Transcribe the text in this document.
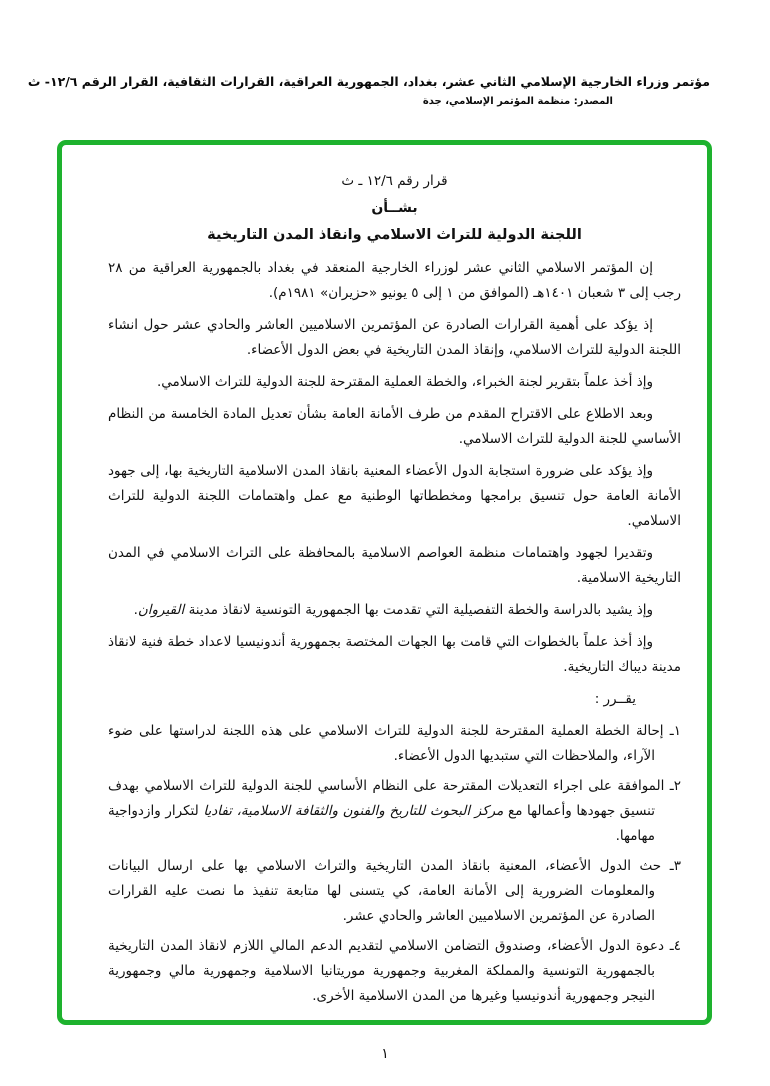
مؤتمر وزراء الخارجية الإسلامي الثاني عشر، بغداد، الجمهورية العراقية، القرارات الثقافية، القرار الرقم ١٢/٦- ث
المصدر: منظمة المؤتمر الإسلامي، جدة
قرار رقم ١٢/٦ ـ ث
بشــأن
اللجنة الدولية للتراث الاسلامي وانقاذ المدن التاريخية

إن المؤتمر الاسلامي الثاني عشر لوزراء الخارجية المنعقد في بغداد بالجمهورية العراقية من ٢٨ رجب إلى ٣ شعبان ١٤٠١هـ (الموافق من ١ إلى ٥ يونيو «حزيران» ١٩٨١م).

إذ يؤكد على أهمية القرارات الصادرة عن المؤتمرين الاسلاميين العاشر والحادي عشر حول انشاء اللجنة الدولية للتراث الاسلامي، وإنقاذ المدن التاريخية في بعض الدول الأعضاء.

وإذ أخذ علماً بتقرير لجنة الخبراء، والخطة العملية المقترحة للجنة الدولية للتراث الاسلامي.

وبعد الاطلاع على الاقتراح المقدم من طرف الأمانة العامة بشأن تعديل المادة الخامسة من النظام الأساسي للجنة الدولية للتراث الاسلامي.

وإذ يؤكد على ضرورة استجابة الدول الأعضاء المعنية بانقاذ المدن الاسلامية التاريخية بها، إلى جهود الأمانة العامة حول تنسيق برامجها ومخططاتها الوطنية مع عمل واهتمامات اللجنة الدولية للتراث الاسلامي.

وتقديرا لجهود واهتمامات منظمة العواصم الاسلامية بالمحافظة على التراث الاسلامي في المدن التاريخية الاسلامية.

وإذ يشيد بالدراسة والخطة التفصيلية التي تقدمت بها الجمهورية التونسية لانقاذ مدينة القيروان.

وإذ أخذ علماً بالخطوات التي قامت بها الجهات المختصة بجمهورية أندونيسيا لاعداد خطة فنية لانقاذ مدينة ديباك التاريخية.

يقــرر :
١ـ إحالة الخطة العملية المقترحة للجنة الدولية للتراث الاسلامي على هذه اللجنة لدراستها على ضوء الآراء، والملاحظات التي ستبديها الدول الأعضاء.
٢ـ الموافقة على اجراء التعديلات المقترحة على النظام الأساسي للجنة الدولية للتراث الاسلامي بهدف تنسيق جهودها وأعمالها مع مركز البحوث للتاريخ والفنون والثقافة الاسلامية، تفاديا لتكرار وازدواجية مهامها.
٣ـ حث الدول الأعضاء، المعنية بانقاذ المدن التاريخية والتراث الاسلامي بها على ارسال البيانات والمعلومات الضرورية إلى الأمانة العامة، كي يتسنى لها متابعة تنفيذ ما نصت عليه القرارات الصادرة عن المؤتمرين الاسلاميين العاشر والحادي عشر.
٤ـ دعوة الدول الأعضاء، وصندوق التضامن الاسلامي لتقديم الدعم المالي اللازم لانقاذ المدن التاريخية بالجمهورية التونسية والمملكة المغربية وجمهورية موريتانيا الاسلامية وجمهورية مالي وجمهورية النيجر وجمهورية أندونيسيا وغيرها من المدن الاسلامية الأخرى.
١
